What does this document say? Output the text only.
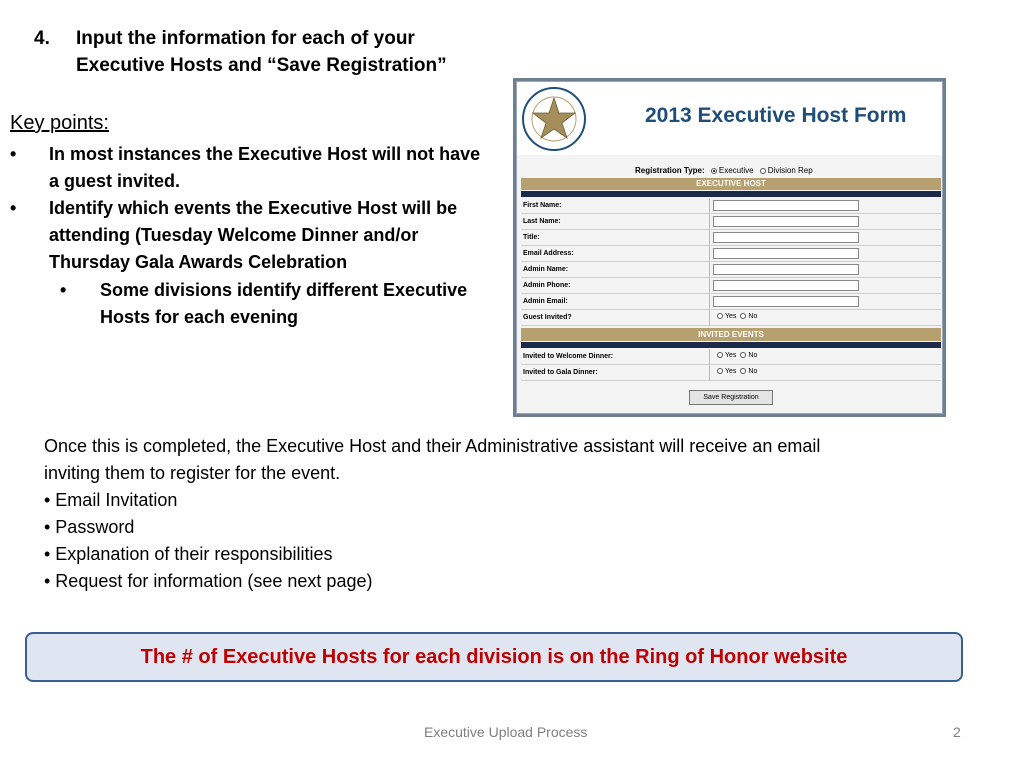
4. Input the information for each of your
Executive Hosts and “Save Registration”
Key points:
• In most instances the Executive Host will not have
a guest invited.
• Identify which events the Executive Host will be
attending (Tuesday Welcome Dinner and/or
Thursday Gala Awards Celebration
• Some divisions identify different Executive
Hosts for each evening
2013 Executive Host Form
Registration Type: Executive Division Rep
EXECUTIVE HOST
First Name:
Last Name:
Title:
Email Address:
Admin Name:
Admin Phone:
Admin Email:
Guest Invited?	Yes No
INVITED EVENTS
Invited to Welcome Dinner:	Yes No
Invited to Gala Dinner:	Yes No
Save Registration
Once this is completed, the Executive Host and their Administrative assistant will receive an email
inviting them to register for the event.
• Email Invitation
• Password
• Explanation of their responsibilities
• Request for information (see next page)
The # of Executive Hosts for each division is on the Ring of Honor website
Executive Upload Process	2
